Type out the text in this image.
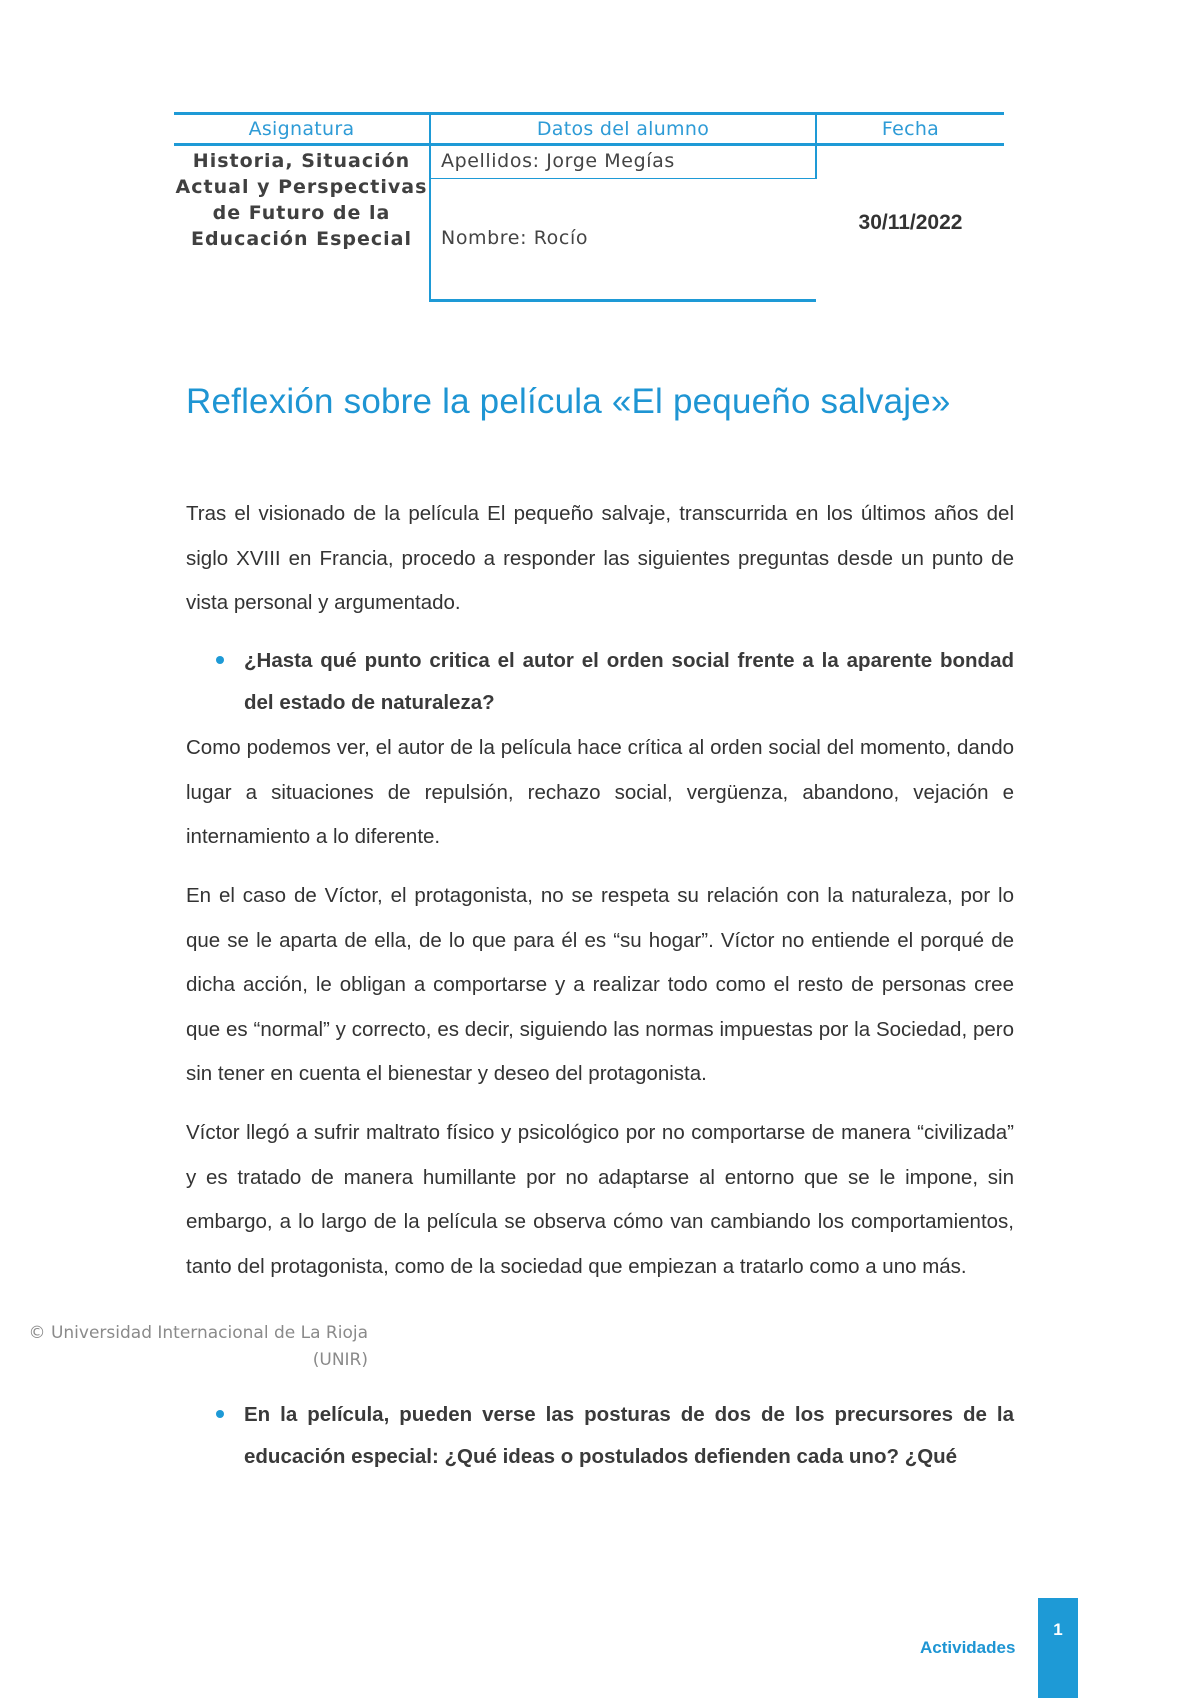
Asignatura	Datos del alumno	Fecha
Historia, Situación Actual y Perspectivas de Futuro de la Educación Especial	Apellidos: Jorge Megías	30/11/2022

	Nombre: Rocío	
Reflexión sobre la película «El pequeño salvaje»

Tras el visionado de la película El pequeño salvaje, transcurrida en los últimos años del siglo XVIII en Francia, procedo a responder las siguientes preguntas desde un punto de vista personal y argumentado.

¿Hasta qué punto critica el autor el orden social frente a la aparente bondad del estado de naturaleza?

Como podemos ver, el autor de la película hace crítica al orden social del momento, dando lugar a situaciones de repulsión, rechazo social, vergüenza, abandono, vejación e internamiento a lo diferente.

En el caso de Víctor, el protagonista, no se respeta su relación con la naturaleza, por lo que se le aparta de ella, de lo que para él es “su hogar”. Víctor no entiende el porqué de dicha acción, le obligan a comportarse y a realizar todo como el resto de personas cree que es “normal” y correcto, es decir, siguiendo las normas impuestas por la Sociedad, pero sin tener en cuenta el bienestar y deseo del protagonista.

Víctor llegó a sufrir maltrato físico y psicológico por no comportarse de manera “civilizada” y es tratado de manera humillante por no adaptarse al entorno que se le impone, sin embargo, a lo largo de la película se observa cómo van cambiando los comportamientos, tanto del protagonista, como de la sociedad que empiezan a tratarlo como a uno más.

© Universidad Internacional de La Rioja
(UNIR)

En la película, pueden verse las posturas de dos de los precursores de la educación especial: ¿Qué ideas o postulados defienden cada uno? ¿Qué

Actividades
1
